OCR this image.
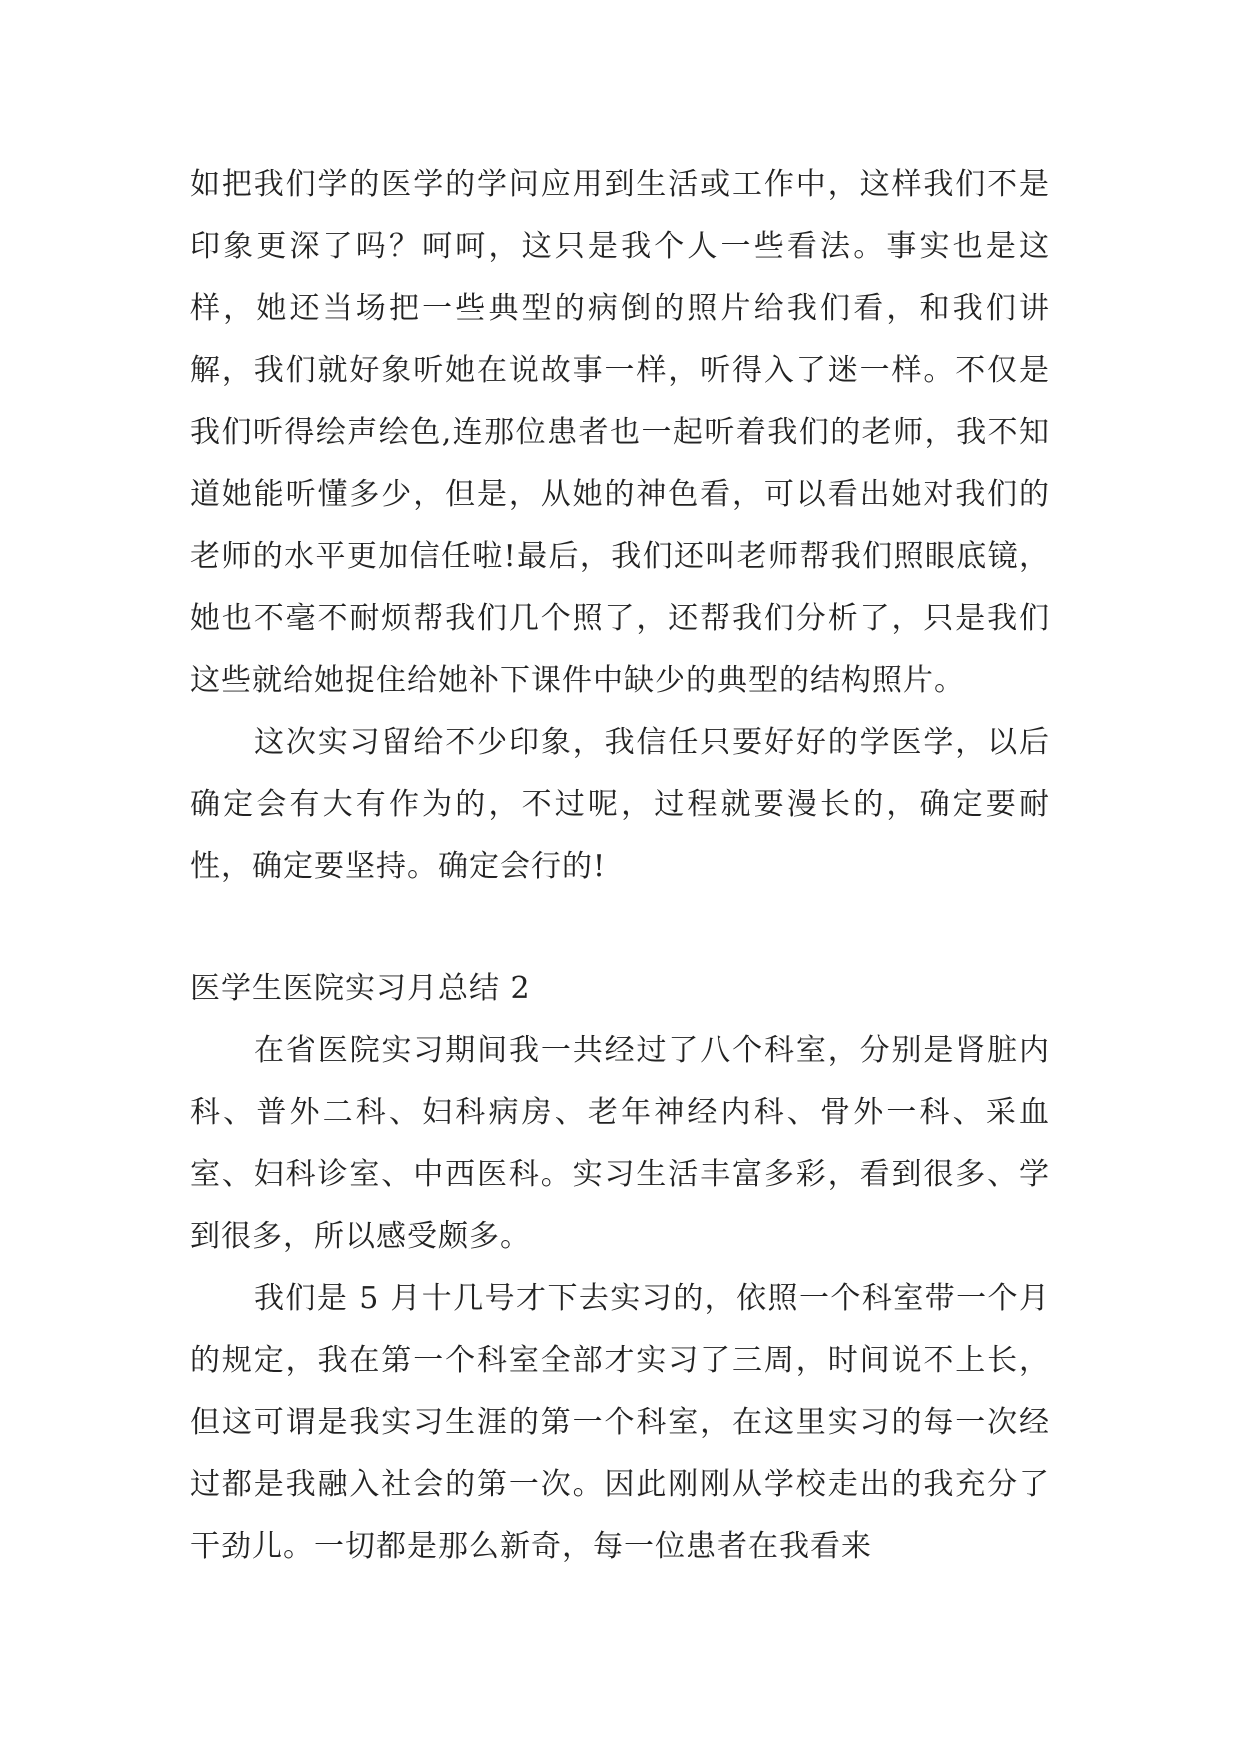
如把我们学的医学的学问应用到生活或工作中，这样我们不是印象更深了吗？呵呵，这只是我个人一些看法。事实也是这样，她还当场把一些典型的病倒的照片给我们看，和我们讲解，我们就好象听她在说故事一样，听得入了迷一样。不仅是我们听得绘声绘色,连那位患者也一起听着我们的老师，我不知道她能听懂多少，但是，从她的神色看，可以看出她对我们的老师的水平更加信任啦!最后，我们还叫老师帮我们照眼底镜，她也不毫不耐烦帮我们几个照了，还帮我们分析了，只是我们这些就给她捉住给她补下课件中缺少的典型的结构照片。

这次实习留给不少印象，我信任只要好好的学医学，以后确定会有大有作为的，不过呢，过程就要漫长的，确定要耐性，确定要坚持。确定会行的!

医学生医院实习月总结 2

在省医院实习期间我一共经过了八个科室，分别是肾脏内科、普外二科、妇科病房、老年神经内科、骨外一科、采血室、妇科诊室、中西医科。实习生活丰富多彩，看到很多、学到很多，所以感受颇多。

我们是 5 月十几号才下去实习的，依照一个科室带一个月的规定，我在第一个科室全部才实习了三周，时间说不上长，但这可谓是我实习生涯的第一个科室，在这里实习的每一次经过都是我融入社会的第一次。因此刚刚从学校走出的我充分了干劲儿。一切都是那么新奇，每一位患者在我看来
